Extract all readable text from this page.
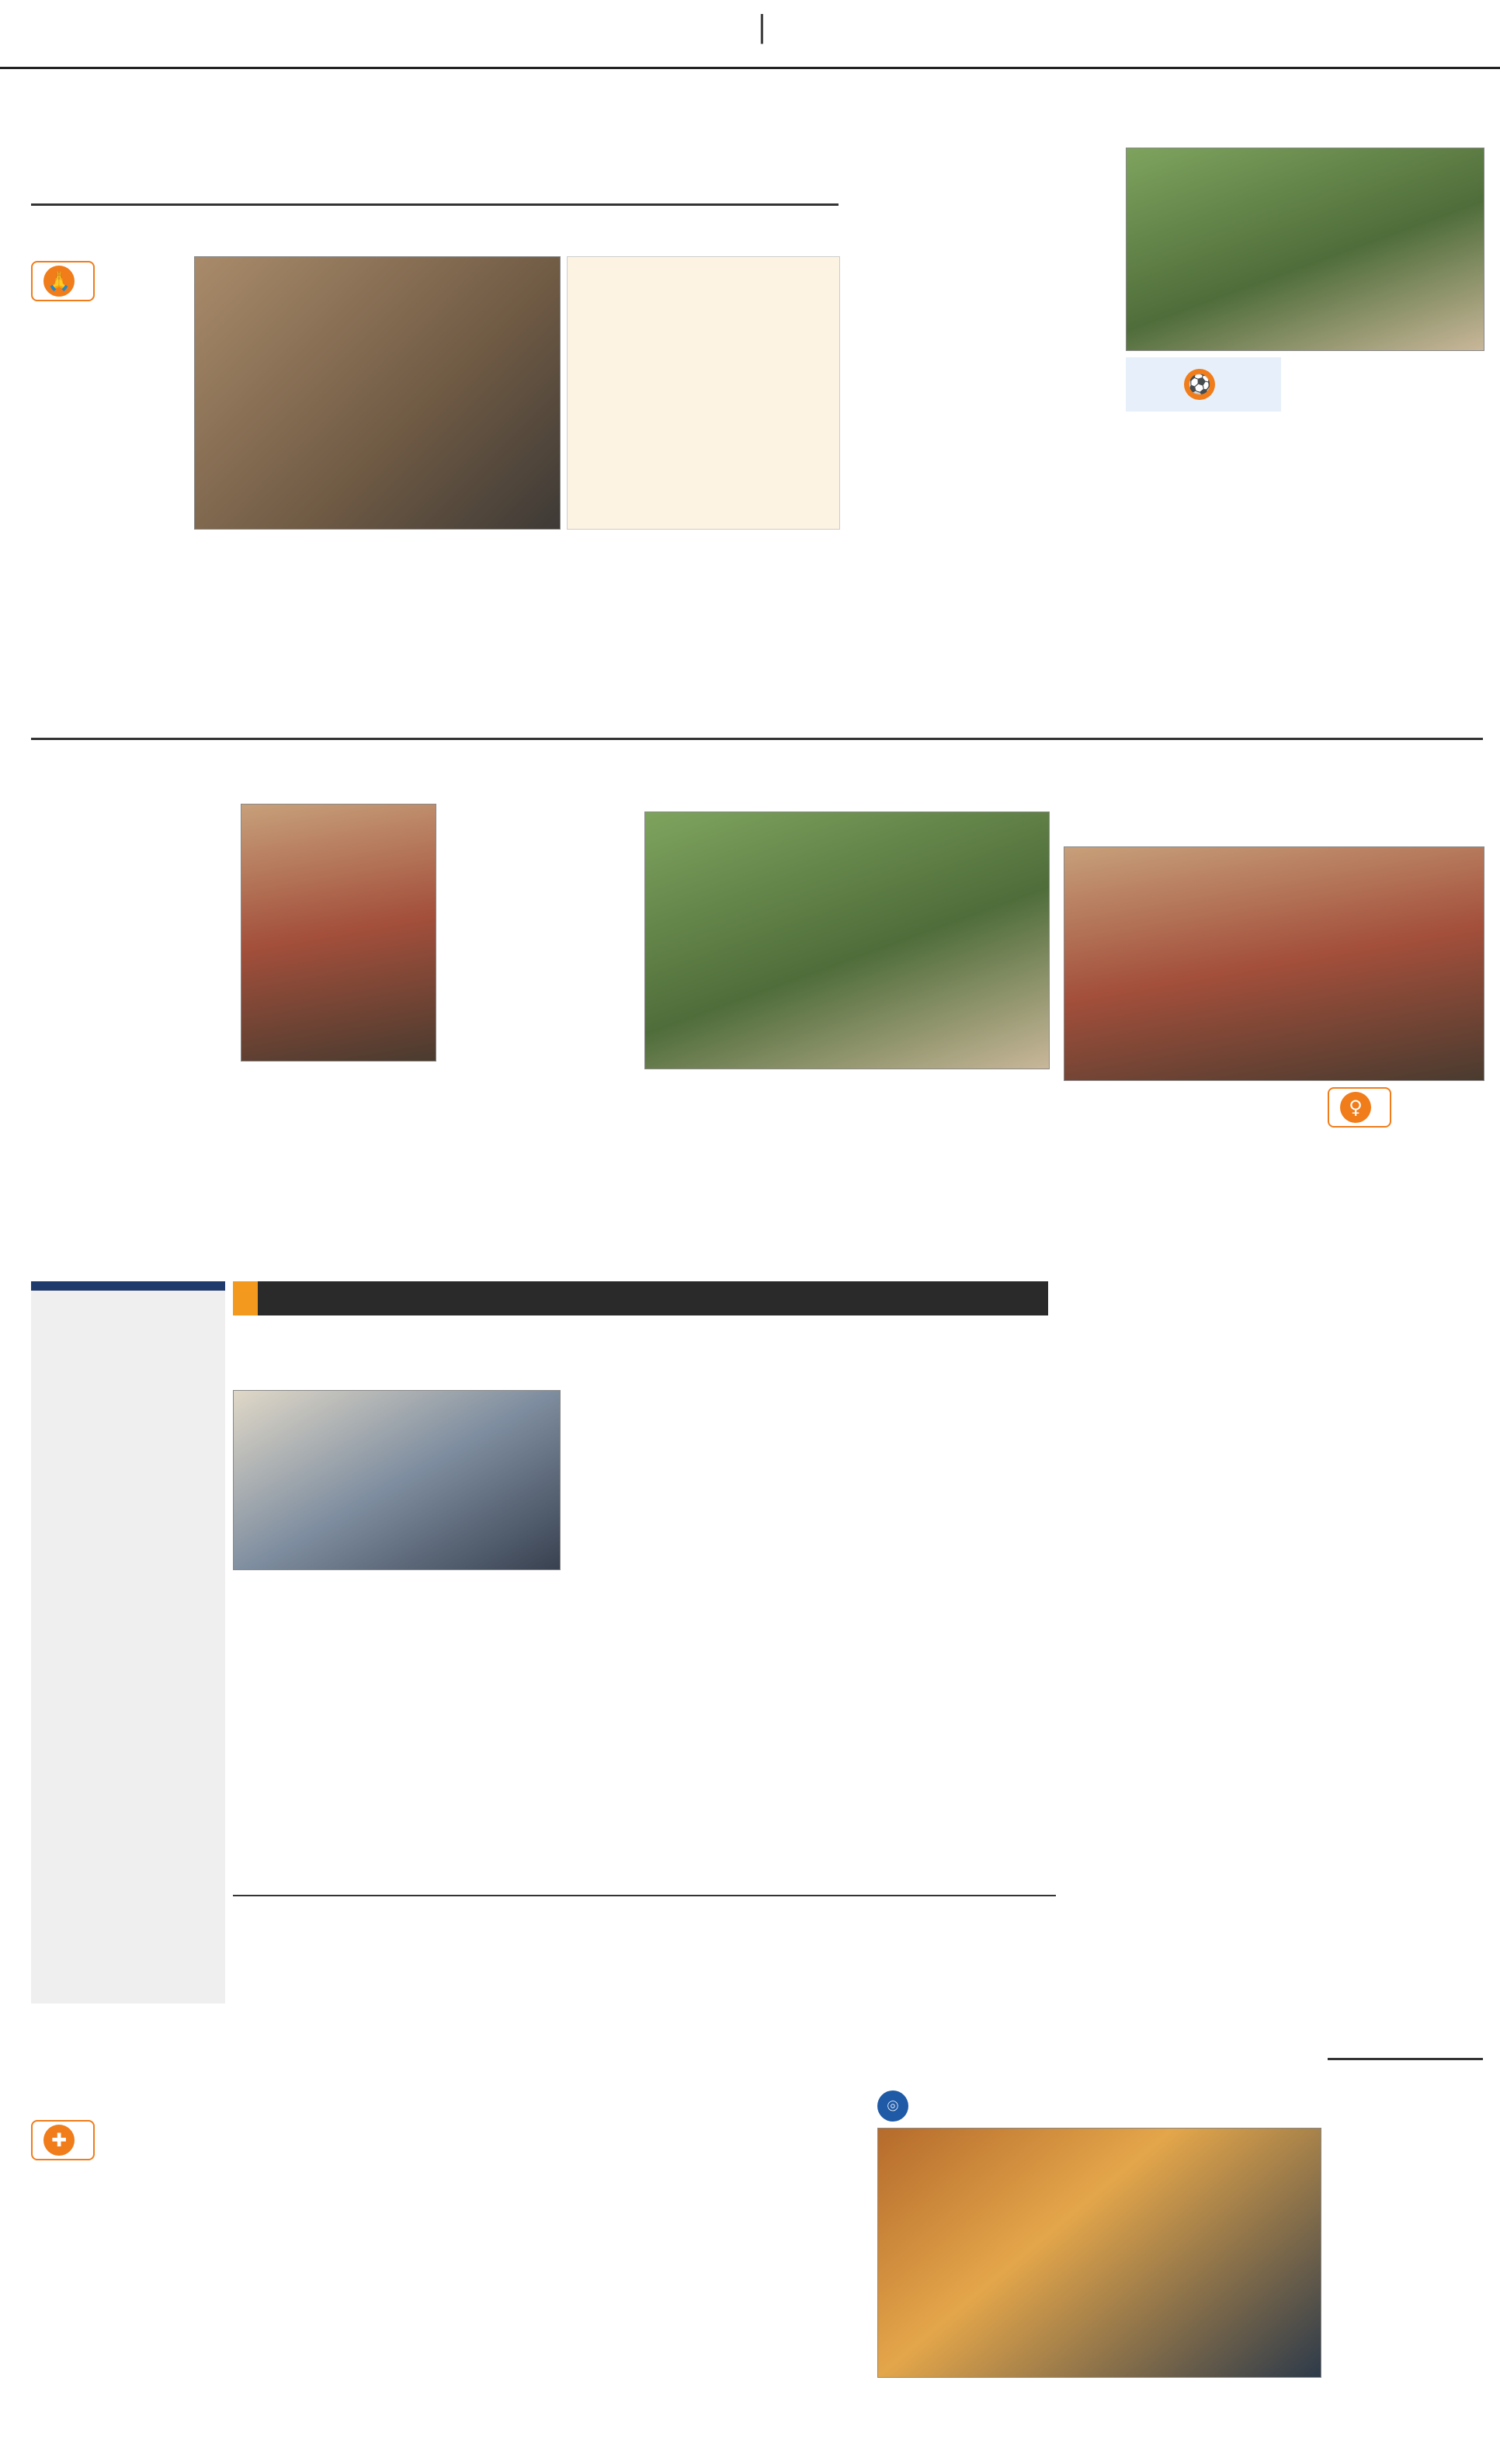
|
🙏
⚽
♀
✚
⌾
